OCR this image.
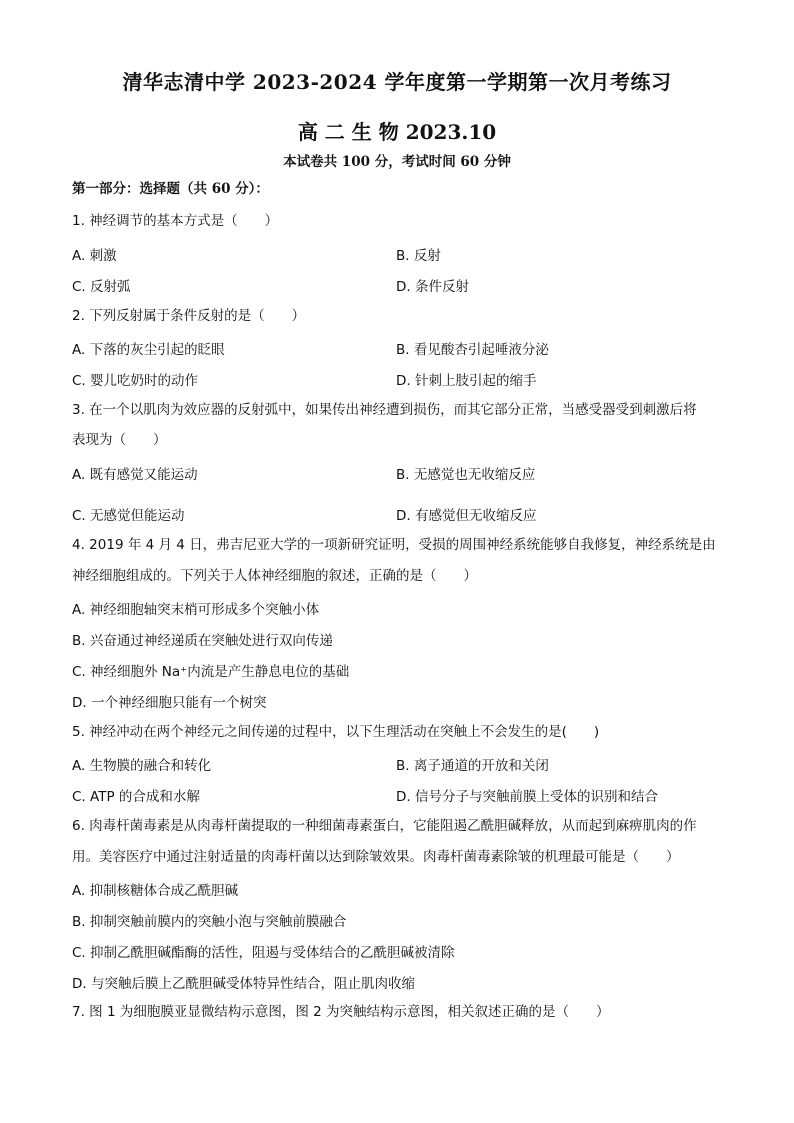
清华志清中学 2023-2024 学年度第一学期第一次月考练习
高 二 生 物 2023.10
本试卷共 100 分，考试时间 60 分钟
第一部分：选择题（共 60 分）：
1. 神经调节的基本方式是（　　）
A. 刺激	B. 反射
C. 反射弧	D. 条件反射
2. 下列反射属于条件反射的是（　　）
A. 下落的灰尘引起的眨眼	B. 看见酸杏引起唾液分泌
C. 婴儿吃奶时的动作	D. 针刺上肢引起的缩手
3. 在一个以肌肉为效应器的反射弧中，如果传出神经遭到损伤，而其它部分正常，当感受器受到刺激后将
表现为（　　）
A. 既有感觉又能运动	B. 无感觉也无收缩反应
C. 无感觉但能运动	D. 有感觉但无收缩反应
4. 2019 年 4 月 4 日，弗吉尼亚大学的一项新研究证明，受损的周围神经系统能够自我修复，神经系统是由
神经细胞组成的。下列关于人体神经细胞的叙述，正确的是（　　）
A. 神经细胞轴突末梢可形成多个突触小体
B. 兴奋通过神经递质在突触处进行双向传递
C. 神经细胞外 Na⁺内流是产生静息电位的基础
D. 一个神经细胞只能有一个树突
5. 神经冲动在两个神经元之间传递的过程中，以下生理活动在突触上不会发生的是(　　)
A. 生物膜的融合和转化	B. 离子通道的开放和关闭
C. ATP 的合成和水解	D. 信号分子与突触前膜上受体的识别和结合
6. 肉毒杆菌毒素是从肉毒杆菌提取的一种细菌毒素蛋白，它能阻遏乙酰胆碱释放，从而起到麻痹肌肉的作
用。美容医疗中通过注射适量的肉毒杆菌以达到除皱效果。肉毒杆菌毒素除皱的机理最可能是（　　）
A. 抑制核糖体合成乙酰胆碱
B. 抑制突触前膜内的突触小泡与突触前膜融合
C. 抑制乙酰胆碱酯酶的活性，阻遏与受体结合的乙酰胆碱被清除
D. 与突触后膜上乙酰胆碱受体特异性结合，阻止肌肉收缩
7. 图 1 为细胞膜亚显微结构示意图，图 2 为突触结构示意图，相关叙述正确的是（　　）
